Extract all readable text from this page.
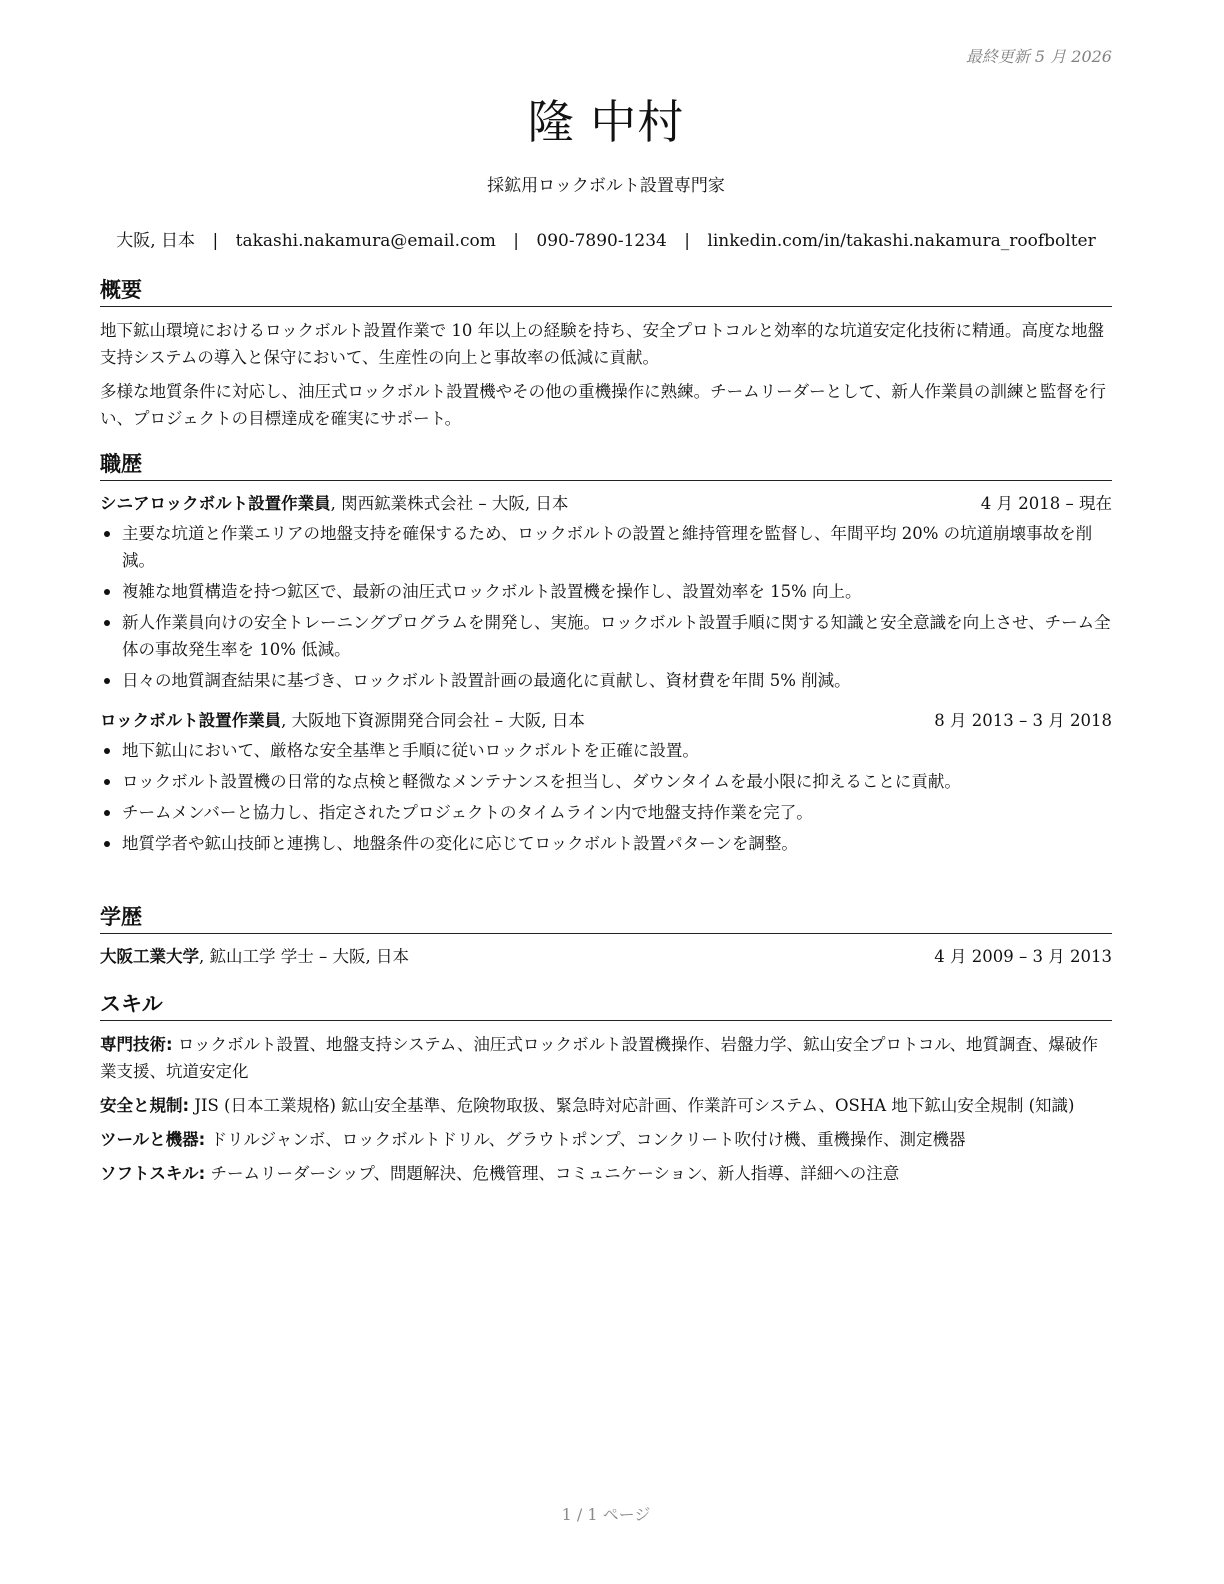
最終更新 5 月 2026
隆 中村
採鉱用ロックボルト設置専門家
大阪, 日本 | takashi.nakamura@email.com | 090-7890-1234 | linkedin.com/in/takashi.nakamura_roofbolter
概要

地下鉱山環境におけるロックボルト設置作業で 10 年以上の経験を持ち、安全プロトコルと効率的な坑道安定化技術に精通。高度な地盤支持システムの導入と保守において、生産性の向上と事故率の低減に貢献。

多様な地質条件に対応し、油圧式ロックボルト設置機やその他の重機操作に熟練。チームリーダーとして、新人作業員の訓練と監督を行い、プロジェクトの目標達成を確実にサポート。

職歴
シニアロックボルト設置作業員, 関西鉱業株式会社 – 大阪, 日本	4 月 2018 – 現在
主要な坑道と作業エリアの地盤支持を確保するため、ロックボルトの設置と維持管理を監督し、年間平均 20% の坑道崩壊事故を削減。
複雑な地質構造を持つ鉱区で、最新の油圧式ロックボルト設置機を操作し、設置効率を 15% 向上。
新人作業員向けの安全トレーニングプログラムを開発し、実施。ロックボルト設置手順に関する知識と安全意識を向上させ、チーム全体の事故発生率を 10% 低減。
日々の地質調査結果に基づき、ロックボルト設置計画の最適化に貢献し、資材費を年間 5% 削減。
ロックボルト設置作業員, 大阪地下資源開発合同会社 – 大阪, 日本	8 月 2013 – 3 月 2018
地下鉱山において、厳格な安全基準と手順に従いロックボルトを正確に設置。
ロックボルト設置機の日常的な点検と軽微なメンテナンスを担当し、ダウンタイムを最小限に抑えることに貢献。
チームメンバーと協力し、指定されたプロジェクトのタイムライン内で地盤支持作業を完了。
地質学者や鉱山技師と連携し、地盤条件の変化に応じてロックボルト設置パターンを調整。
学歴
大阪工業大学, 鉱山工学 学士 – 大阪, 日本	4 月 2009 – 3 月 2013
スキル
専門技術: ロックボルト設置、地盤支持システム、油圧式ロックボルト設置機操作、岩盤力学、鉱山安全プロトコル、地質調査、爆破作業支援、坑道安定化
安全と規制: JIS (日本工業規格) 鉱山安全基準、危険物取扱、緊急時対応計画、作業許可システム、OSHA 地下鉱山安全規制 (知識)
ツールと機器: ドリルジャンボ、ロックボルトドリル、グラウトポンプ、コンクリート吹付け機、重機操作、測定機器
ソフトスキル: チームリーダーシップ、問題解決、危機管理、コミュニケーション、新人指導、詳細への注意
1 / 1 ページ
